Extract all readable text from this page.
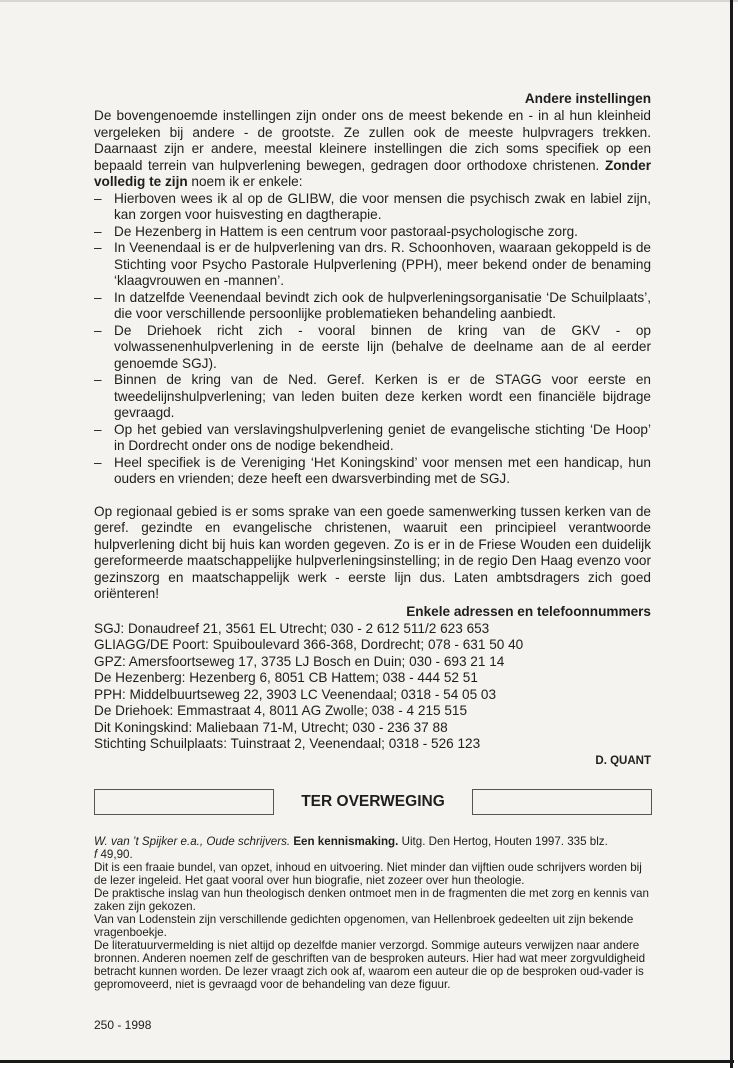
Andere instellingen

De bovengenoemde instellingen zijn onder ons de meest bekende en - in al hun kleinheid vergeleken bij andere - de grootste. Ze zullen ook de meeste hulpvragers trekken. Daarnaast zijn er andere, meestal kleinere instellingen die zich soms specifiek op een bepaald terrein van hulpverlening bewegen, gedragen door orthodoxe christenen. Zonder volledig te zijn noem ik er enkele:

– Hierboven wees ik al op de GLIBW, die voor mensen die psychisch zwak en labiel zijn, kan zorgen voor huisvesting en dagtherapie.
– De Hezenberg in Hattem is een centrum voor pastoraal-psychologische zorg.
– In Veenendaal is er de hulpverlening van drs. R. Schoonhoven, waaraan gekoppeld is de Stichting voor Psycho Pastorale Hulpverlening (PPH), meer bekend onder de benaming ‘klaagvrouwen en -mannen’.
– In datzelfde Veenendaal bevindt zich ook de hulpverleningsorganisatie ‘De Schuilplaats’, die voor verschillende persoonlijke problematieken behandeling aanbiedt.
– De Driehoek richt zich - vooral binnen de kring van de GKV - op volwassenenhulpverlening in de eerste lijn (behalve de deelname aan de al eerder genoemde SGJ).
– Binnen de kring van de Ned. Geref. Kerken is er de STAGG voor eerste en tweedelijnshulpverlening; van leden buiten deze kerken wordt een financiële bijdrage gevraagd.
– Op het gebied van verslavingshulpverlening geniet de evangelische stichting ‘De Hoop’ in Dordrecht onder ons de nodige bekendheid.
– Heel specifiek is de Vereniging ‘Het Koningskind’ voor mensen met een handicap, hun ouders en vrienden; deze heeft een dwarsverbinding met de SGJ.

Op regionaal gebied is er soms sprake van een goede samenwerking tussen kerken van de geref. gezindte en evangelische christenen, waaruit een principieel verantwoorde hulpverlening dicht bij huis kan worden gegeven. Zo is er in de Friese Wouden een duidelijk gereformeerde maatschappelijke hulpverleningsinstelling; in de regio Den Haag evenzo voor gezinszorg en maatschappelijk werk - eerste lijn dus. Laten ambtsdragers zich goed oriënteren!

Enkele adressen en telefoonnummers

SGJ: Donaudreef 21, 3561 EL Utrecht; 030 - 2 612 511/2 623 653
GLIAGG/DE Poort: Spuiboulevard 366-368, Dordrecht; 078 - 631 50 40
GPZ: Amersfoortseweg 17, 3735 LJ Bosch en Duin; 030 - 693 21 14
De Hezenberg: Hezenberg 6, 8051 CB Hattem; 038 - 444 52 51
PPH: Middelbuurtseweg 22, 3903 LC Veenendaal; 0318 - 54 05 03
De Driehoek: Emmastraat 4, 8011 AG Zwolle; 038 - 4 215 515
Dit Koningskind: Maliebaan 71-M, Utrecht; 030 - 236 37 88
Stichting Schuilplaats: Tuinstraat 2, Veenendaal; 0318 - 526 123

D. QUANT

TER OVERWEGING

W. van ’t Spijker e.a., Oude schrijvers. Een kennismaking. Uitg. Den Hertog, Houten 1997. 335 blz.
f 49,90.

Dit is een fraaie bundel, van opzet, inhoud en uitvoering. Niet minder dan vijftien oude schrijvers worden bij de lezer ingeleid. Het gaat vooral over hun biografie, niet zozeer over hun theologie.

De praktische inslag van hun theologisch denken ontmoet men in de fragmenten die met zorg en kennis van zaken zijn gekozen.

Van van Lodenstein zijn verschillende gedichten opgenomen, van Hellenbroek gedeelten uit zijn bekende vragenboekje.

De literatuurvermelding is niet altijd op dezelfde manier verzorgd. Sommige auteurs verwijzen naar andere bronnen. Anderen noemen zelf de geschriften van de besproken auteurs. Hier had wat meer zorgvuldigheid betracht kunnen worden. De lezer vraagt zich ook af, waarom een auteur die op de besproken oud-vader is gepromoveerd, niet is gevraagd voor de behandeling van deze figuur.

250 - 1998
